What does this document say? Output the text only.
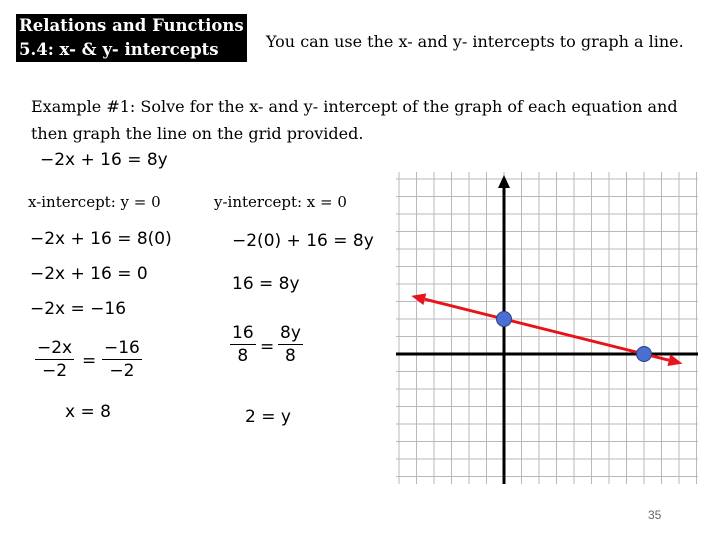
Relations and Functions
5.4: x- & y- intercepts	You can use the x- and y- intercepts to graph a line.
Example #1: Solve for the x- and y- intercept of the graph of each equation and then graph the line on the grid provided.
−2x + 16 = 8y
x-intercept: y = 0	y-intercept: x = 0
−2x + 16 = 8(0)
−2x + 16 = 0
−2x = −16
−2x
−2 =
−16
−2
x = 8
−2(0) + 16 = 8y
16 = 8y
16
8 =
8y
8
2 = y
35
